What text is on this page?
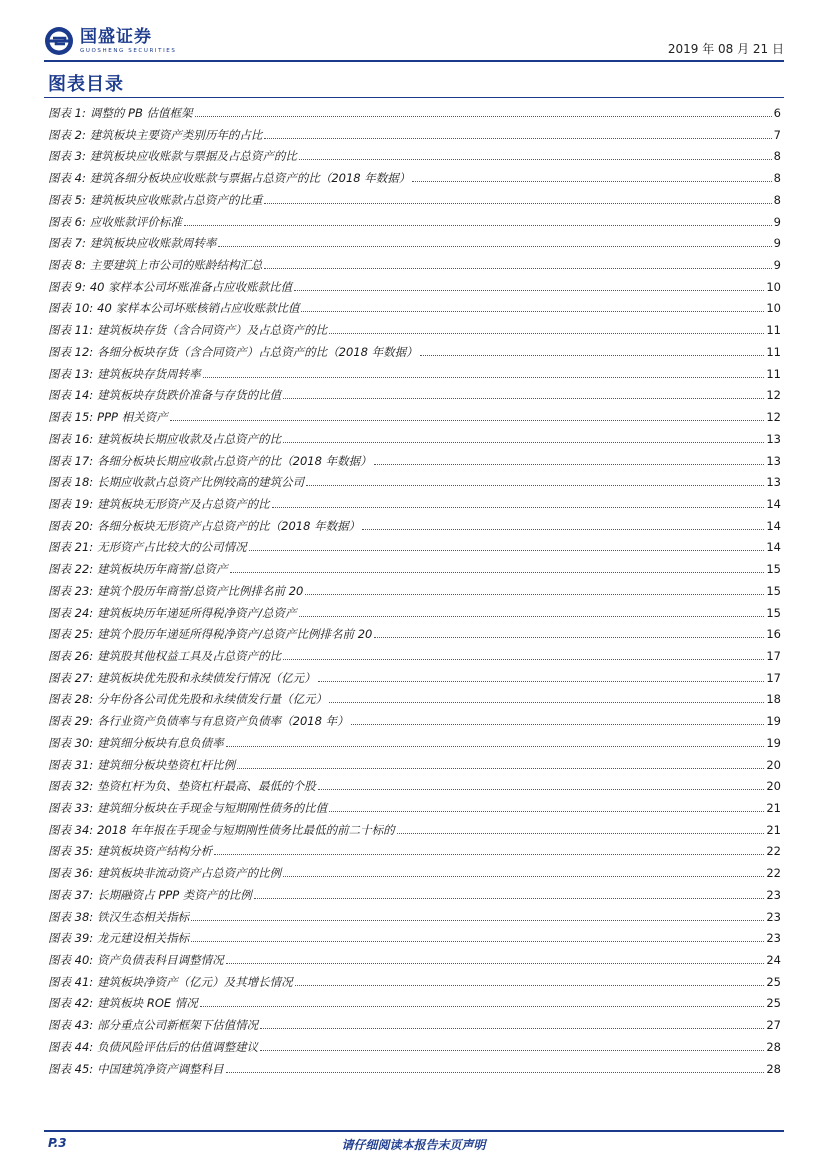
国盛证券
GUOSHENG SECURITIES	2019 年 08 月 21 日
图表目录
图表 1: 调整的 PB 估值框架	6
图表 2: 建筑板块主要资产类别历年的占比	7
图表 3: 建筑板块应收账款与票据及占总资产的比	8
图表 4: 建筑各细分板块应收账款与票据占总资产的比（2018 年数据）	8
图表 5: 建筑板块应收账款占总资产的比重	8
图表 6: 应收账款评价标准	9
图表 7: 建筑板块应收账款周转率	9
图表 8: 主要建筑上市公司的账龄结构汇总	9
图表 9: 40 家样本公司坏账准备占应收账款比值	10
图表 10: 40 家样本公司坏账核销占应收账款比值	10
图表 11: 建筑板块存货（含合同资产）及占总资产的比	11
图表 12: 各细分板块存货（含合同资产）占总资产的比（2018 年数据）	11
图表 13: 建筑板块存货周转率	11
图表 14: 建筑板块存货跌价准备与存货的比值	12
图表 15: PPP 相关资产	12
图表 16: 建筑板块长期应收款及占总资产的比	13
图表 17: 各细分板块长期应收款占总资产的比（2018 年数据）	13
图表 18: 长期应收款占总资产比例较高的建筑公司	13
图表 19: 建筑板块无形资产及占总资产的比	14
图表 20: 各细分板块无形资产占总资产的比（2018 年数据）	14
图表 21: 无形资产占比较大的公司情况	14
图表 22: 建筑板块历年商誉/总资产	15
图表 23: 建筑个股历年商誉/总资产比例排名前 20	15
图表 24: 建筑板块历年递延所得税净资产/总资产	15
图表 25: 建筑个股历年递延所得税净资产/总资产比例排名前 20	16
图表 26: 建筑股其他权益工具及占总资产的比	17
图表 27: 建筑板块优先股和永续债发行情况（亿元）	17
图表 28: 分年份各公司优先股和永续债发行量（亿元）	18
图表 29: 各行业资产负债率与有息资产负债率（2018 年）	19
图表 30: 建筑细分板块有息负债率	19
图表 31: 建筑细分板块垫资杠杆比例	20
图表 32: 垫资杠杆为负、垫资杠杆最高、最低的个股	20
图表 33: 建筑细分板块在手现金与短期刚性债务的比值	21
图表 34: 2018 年年报在手现金与短期刚性债务比最低的前二十标的	21
图表 35: 建筑板块资产结构分析	22
图表 36: 建筑板块非流动资产占总资产的比例	22
图表 37: 长期融资占 PPP 类资产的比例	23
图表 38: 铁汉生态相关指标	23
图表 39: 龙元建设相关指标	23
图表 40: 资产负债表科目调整情况	24
图表 41: 建筑板块净资产（亿元）及其增长情况	25
图表 42: 建筑板块 ROE 情况	25
图表 43: 部分重点公司新框架下估值情况	27
图表 44: 负债风险评估后的估值调整建议	28
图表 45: 中国建筑净资产调整科目	28
P.3	请仔细阅读本报告末页声明
